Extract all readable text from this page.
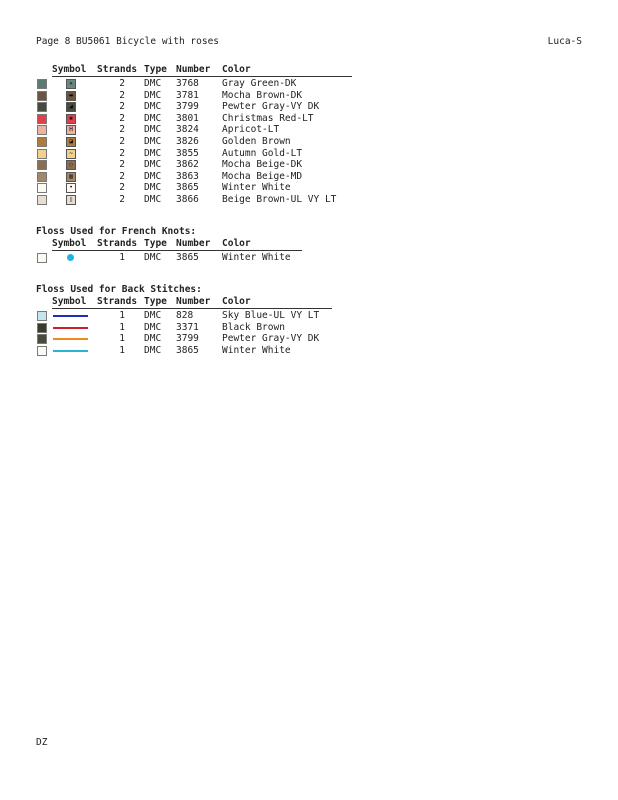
Page 8 BU5061 Bicycle with roses	Luca-S
Symbol Strands Type Number Color
✕	2 DMC 3768 Gray Green-DK
▬	2 DMC 3781 Mocha Brown-DK
◢	2 DMC 3799 Pewter Gray-VY DK
✱	2 DMC 3801 Christmas Red-LT
H	2 DMC 3824 Apricot-LT
◪	2 DMC 3826 Golden Brown
~	2 DMC 3855 Autumn Gold-LT
◌	2 DMC 3862 Mocha Beige-DK
▥	2 DMC 3863 Mocha Beige-MD
•	2 DMC 3865 Winter White
▯	2 DMC 3866 Beige Brown-UL VY LT
Floss Used for French Knots:
Symbol Strands Type Number Color
1 DMC 3865 Winter White
Floss Used for Back Stitches:
Symbol Strands Type Number Color
1 DMC 828	Sky Blue-UL VY LT
1 DMC 3371 Black Brown
1 DMC 3799 Pewter Gray-VY DK
1 DMC 3865 Winter White
DZ
